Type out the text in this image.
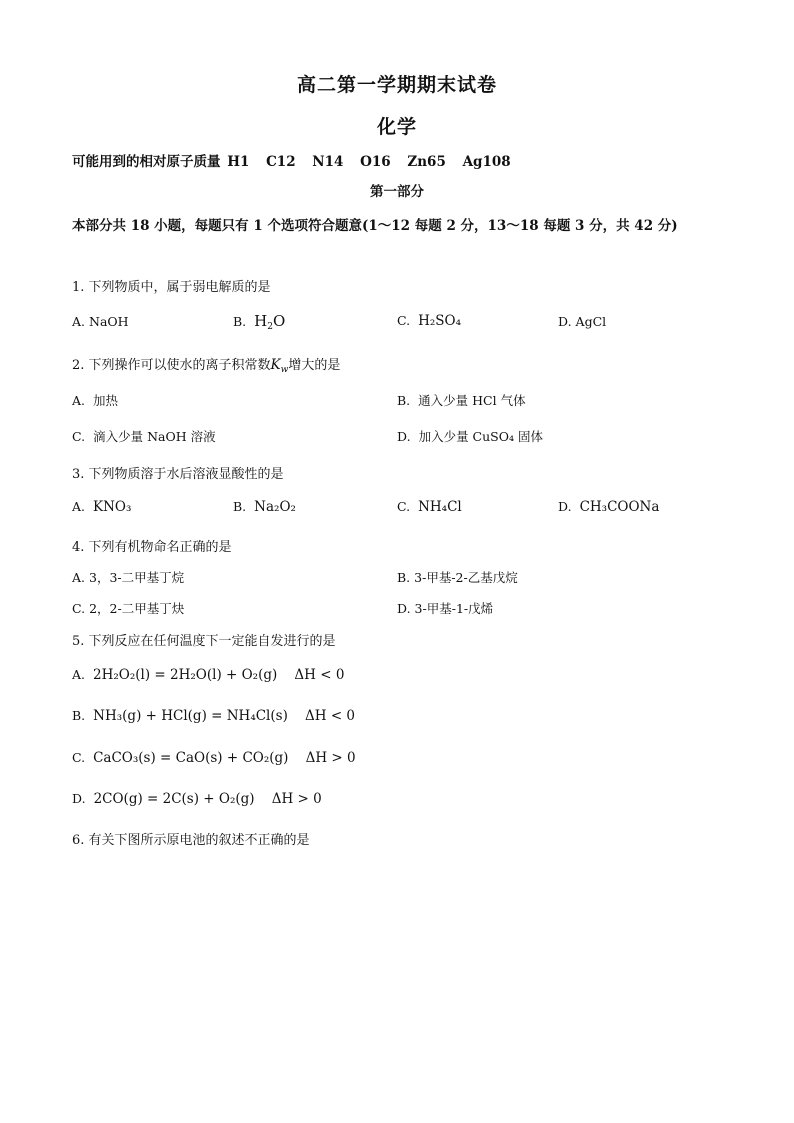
高二第一学期期末试卷
化学
可能用到的相对原子质量 H1 C12 N14 O16 Zn65 Ag108
第一部分
本部分共 18 小题，每题只有 1 个选项符合题意(1～12 每题 2 分，13～18 每题 3 分，共 42 分)
1. 下列物质中，属于弱电解质的是
A. NaOH	B. $H_2O$	C. H₂SO₄	D. AgCl
2. 下列操作可以使水的离子积常数$K_w$增大的是
A. 加热	B. 通入少量 HCl 气体
C. 滴入少量 NaOH 溶液	D. 加入少量 CuSO₄ 固体
3. 下列物质溶于水后溶液显酸性的是
A. KNO₃	B. Na₂O₂	C. NH₄Cl	D. CH₃COONa
4. 下列有机物命名正确的是
A. 3，3-二甲基丁烷	B. 3-甲基-2-乙基戊烷
C. 2，2-二甲基丁炔	D. 3-甲基-1-戊烯
5. 下列反应在任何温度下一定能自发进行的是
A. 2H₂O₂(l) = 2H₂O(l) + O₂(g)    ΔH < 0
B. NH₃(g) + HCl(g) = NH₄Cl(s)    ΔH < 0
C. CaCO₃(s) = CaO(s) + CO₂(g)    ΔH > 0
D. 2CO(g) = 2C(s) + O₂(g)    ΔH > 0
6. 有关下图所示原电池的叙述不正确的是
